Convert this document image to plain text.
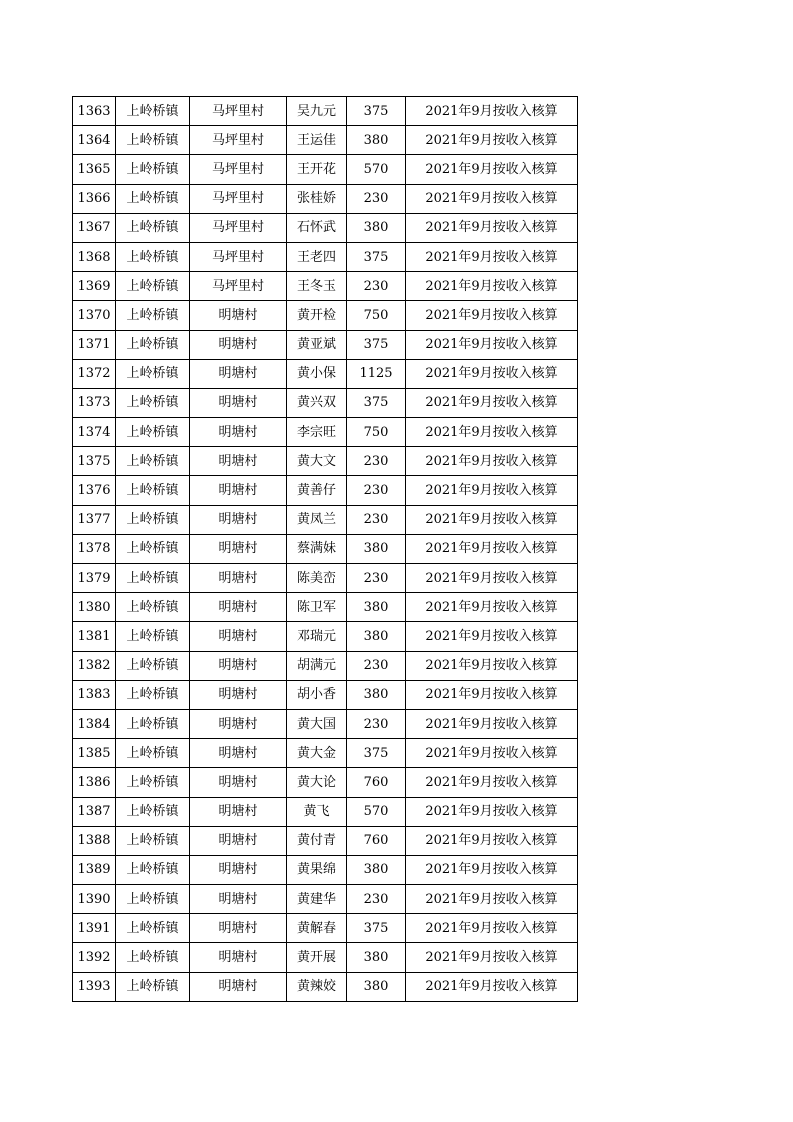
1363	上岭桥镇	马坪里村	吴九元	375	2021年9月按收入核算
1364	上岭桥镇	马坪里村	王运佳	380	2021年9月按收入核算
1365	上岭桥镇	马坪里村	王开花	570	2021年9月按收入核算
1366	上岭桥镇	马坪里村	张桂娇	230	2021年9月按收入核算
1367	上岭桥镇	马坪里村	石怀武	380	2021年9月按收入核算
1368	上岭桥镇	马坪里村	王老四	375	2021年9月按收入核算
1369	上岭桥镇	马坪里村	王冬玉	230	2021年9月按收入核算
1370	上岭桥镇	明塘村	黄开检	750	2021年9月按收入核算
1371	上岭桥镇	明塘村	黄亚斌	375	2021年9月按收入核算
1372	上岭桥镇	明塘村	黄小保	1125	2021年9月按收入核算
1373	上岭桥镇	明塘村	黄兴双	375	2021年9月按收入核算
1374	上岭桥镇	明塘村	李宗旺	750	2021年9月按收入核算
1375	上岭桥镇	明塘村	黄大文	230	2021年9月按收入核算
1376	上岭桥镇	明塘村	黄善仔	230	2021年9月按收入核算
1377	上岭桥镇	明塘村	黄凤兰	230	2021年9月按收入核算
1378	上岭桥镇	明塘村	蔡满妹	380	2021年9月按收入核算
1379	上岭桥镇	明塘村	陈美峦	230	2021年9月按收入核算
1380	上岭桥镇	明塘村	陈卫军	380	2021年9月按收入核算
1381	上岭桥镇	明塘村	邓瑞元	380	2021年9月按收入核算
1382	上岭桥镇	明塘村	胡满元	230	2021年9月按收入核算
1383	上岭桥镇	明塘村	胡小香	380	2021年9月按收入核算
1384	上岭桥镇	明塘村	黄大国	230	2021年9月按收入核算
1385	上岭桥镇	明塘村	黄大金	375	2021年9月按收入核算
1386	上岭桥镇	明塘村	黄大论	760	2021年9月按收入核算
1387	上岭桥镇	明塘村	黄飞	570	2021年9月按收入核算
1388	上岭桥镇	明塘村	黄付青	760	2021年9月按收入核算
1389	上岭桥镇	明塘村	黄果绵	380	2021年9月按收入核算
1390	上岭桥镇	明塘村	黄建华	230	2021年9月按收入核算
1391	上岭桥镇	明塘村	黄解春	375	2021年9月按收入核算
1392	上岭桥镇	明塘村	黄开展	380	2021年9月按收入核算
1393	上岭桥镇	明塘村	黄辣姣	380	2021年9月按收入核算
